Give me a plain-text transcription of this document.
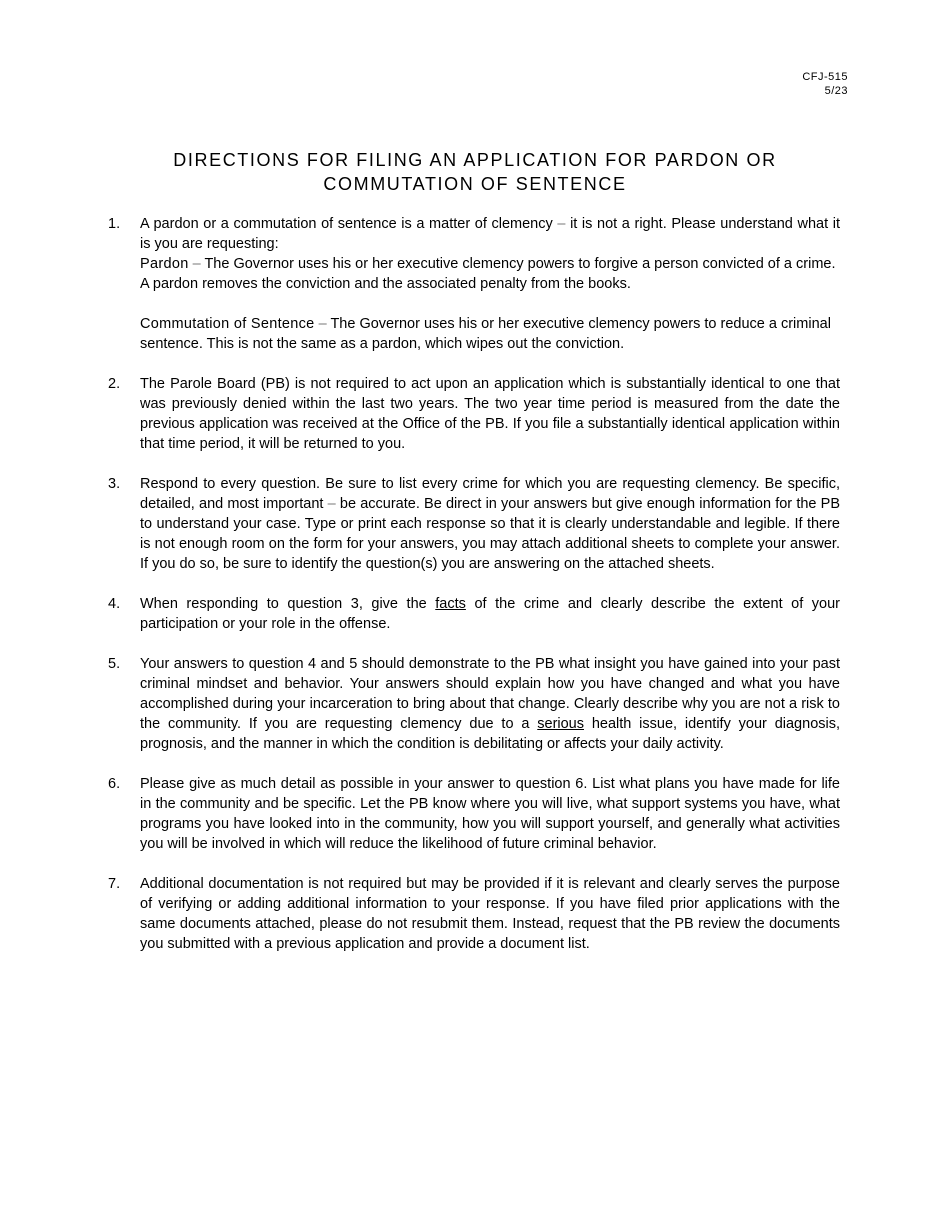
CFJ-515
5/23
DIRECTIONS FOR FILING AN APPLICATION FOR PARDON OR
COMMUTATION OF SENTENCE
1.	A pardon or a commutation of sentence is a matter of clemency – it is not a right. Please understand what it is you are requesting:

Pardon – The Governor uses his or her executive clemency powers to forgive a person convicted of a crime. A pardon removes the conviction and the associated penalty from the books.

Commutation of Sentence – The Governor uses his or her executive clemency powers to reduce a criminal sentence. This is not the same as a pardon, which wipes out the conviction.

2.	The Parole Board (PB) is not required to act upon an application which is substantially identical to one that was previously denied within the last two years. The two year time period is measured from the date the previous application was received at the Office of the PB. If you file a substantially identical application within that time period, it will be returned to you.
3.	Respond to every question. Be sure to list every crime for which you are requesting clemency. Be specific, detailed, and most important – be accurate. Be direct in your answers but give enough information for the PB to understand your case. Type or print each response so that it is clearly understandable and legible. If there is not enough room on the form for your answers, you may attach additional sheets to complete your answer. If you do so, be sure to identify the question(s) you are answering on the attached sheets.
4.	When responding to question 3, give the facts of the crime and clearly describe the extent of your participation or your role in the offense.
5.	Your answers to question 4 and 5 should demonstrate to the PB what insight you have gained into your past criminal mindset and behavior. Your answers should explain how you have changed and what you have accomplished during your incarceration to bring about that change. Clearly describe why you are not a risk to the community. If you are requesting clemency due to a serious health issue, identify your diagnosis, prognosis, and the manner in which the condition is debilitating or affects your daily activity.
6.	Please give as much detail as possible in your answer to question 6. List what plans you have made for life in the community and be specific. Let the PB know where you will live, what support systems you have, what programs you have looked into in the community, how you will support yourself, and generally what activities you will be involved in which will reduce the likelihood of future criminal behavior.
7.	Additional documentation is not required but may be provided if it is relevant and clearly serves the purpose of verifying or adding additional information to your response. If you have filed prior applications with the same documents attached, please do not resubmit them. Instead, request that the PB review the documents you submitted with a previous application and provide a document list.
